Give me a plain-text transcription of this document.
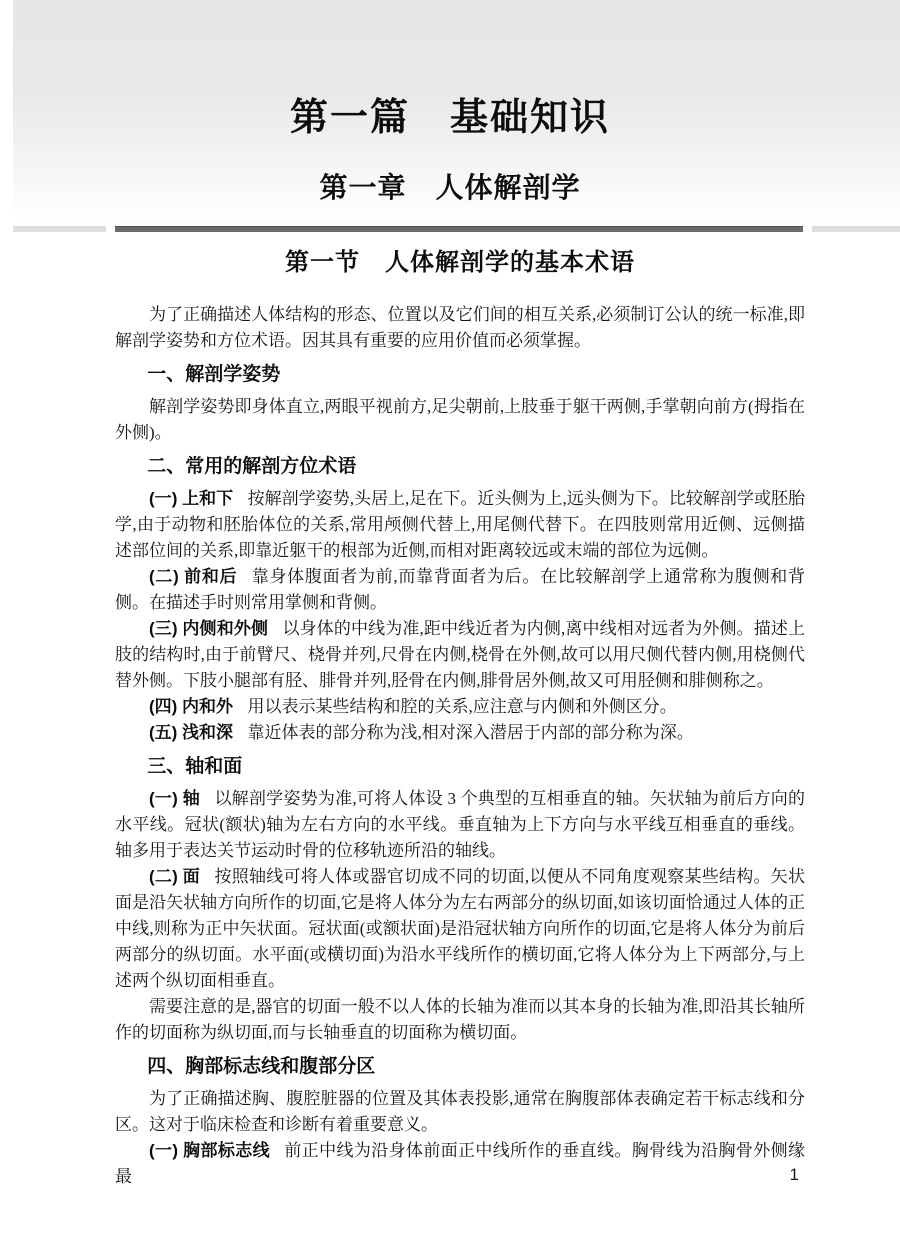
第一篇　基础知识
第一章　人体解剖学
第一节　人体解剖学的基本术语

为了正确描述人体结构的形态、位置以及它们间的相互关系,必须制订公认的统一标准,即解剖学姿势和方位术语。因其具有重要的应用价值而必须掌握。

一、解剖学姿势

解剖学姿势即身体直立,两眼平视前方,足尖朝前,上肢垂于躯干两侧,手掌朝向前方(拇指在外侧)。

二、常用的解剖方位术语

(一) 上和下 按解剖学姿势,头居上,足在下。近头侧为上,远头侧为下。比较解剖学或胚胎学,由于动物和胚胎体位的关系,常用颅侧代替上,用尾侧代替下。在四肢则常用近侧、远侧描述部位间的关系,即靠近躯干的根部为近侧,而相对距离较远或末端的部位为远侧。

(二) 前和后 靠身体腹面者为前,而靠背面者为后。在比较解剖学上通常称为腹侧和背侧。在描述手时则常用掌侧和背侧。

(三) 内侧和外侧 以身体的中线为准,距中线近者为内侧,离中线相对远者为外侧。描述上肢的结构时,由于前臂尺、桡骨并列,尺骨在内侧,桡骨在外侧,故可以用尺侧代替内侧,用桡侧代替外侧。下肢小腿部有胫、腓骨并列,胫骨在内侧,腓骨居外侧,故又可用胫侧和腓侧称之。

(四) 内和外 用以表示某些结构和腔的关系,应注意与内侧和外侧区分。

(五) 浅和深 靠近体表的部分称为浅,相对深入潜居于内部的部分称为深。

三、轴和面

(一) 轴 以解剖学姿势为准,可将人体设 3 个典型的互相垂直的轴。矢状轴为前后方向的水平线。冠状(额状)轴为左右方向的水平线。垂直轴为上下方向与水平线互相垂直的垂线。轴多用于表达关节运动时骨的位移轨迹所沿的轴线。

(二) 面 按照轴线可将人体或器官切成不同的切面,以便从不同角度观察某些结构。矢状面是沿矢状轴方向所作的切面,它是将人体分为左右两部分的纵切面,如该切面恰通过人体的正中线,则称为正中矢状面。冠状面(或额状面)是沿冠状轴方向所作的切面,它是将人体分为前后两部分的纵切面。水平面(或横切面)为沿水平线所作的横切面,它将人体分为上下两部分,与上述两个纵切面相垂直。

需要注意的是,器官的切面一般不以人体的长轴为准而以其本身的长轴为准,即沿其长轴所作的切面称为纵切面,而与长轴垂直的切面称为横切面。

四、胸部标志线和腹部分区

为了正确描述胸、腹腔脏器的位置及其体表投影,通常在胸腹部体表确定若干标志线和分区。这对于临床检查和诊断有着重要意义。

(一) 胸部标志线 前正中线为沿身体前面正中线所作的垂直线。胸骨线为沿胸骨外侧缘最	1
